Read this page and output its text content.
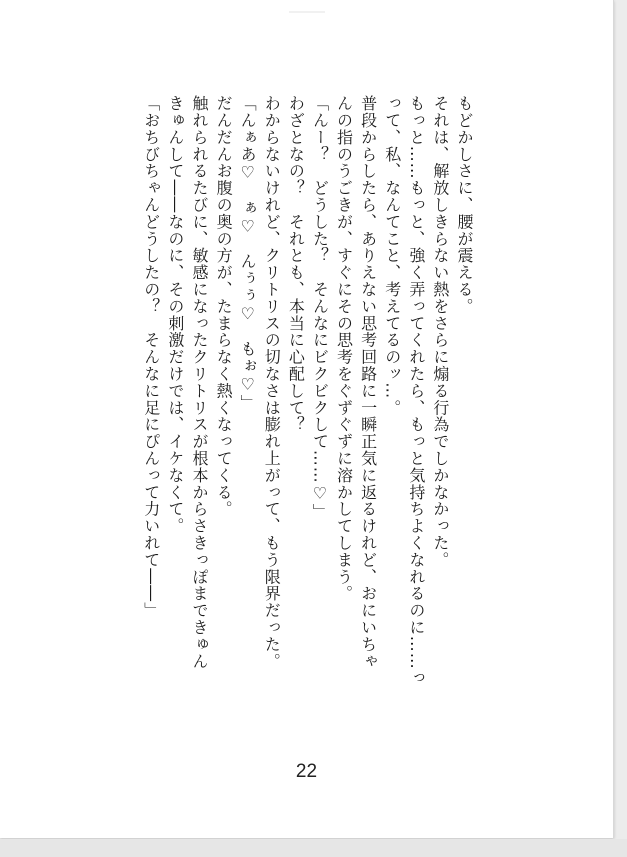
もどかしさに、腰が震える。

それは、解放しきらない熱をさらに煽る行為でしかなかった。

もっと……もっと、強く弄ってくれたら、もっと気持ちよくなれるのに……っ

って、私、なんてこと、考えてるのッ…。

普段からしたら、ありえない思考回路に一瞬正気に返るけれど、おにいちゃ

んの指のうごきが、すぐにその思考をぐずぐずに溶かしてしまう。

「んー？　どうした？　そんなにビクビクして……♡」

わざとなの？　それとも、本当に心配して？

わからないけれど、クリトリスの切なさは膨れ上がって、もう限界だった。

「んぁあ♡　ぁ♡　んぅぅ♡　もぉ♡」

だんだんお腹の奥の方が、たまらなく熱くなってくる。

触れられるたびに、敏感になったクリトリスが根本からさきっぽまできゅん

きゅんして――なのに、その刺激だけでは、イケなくて。

「おちびちゃんどうしたの？　そんなに足にぴんって力いれて――」

22
